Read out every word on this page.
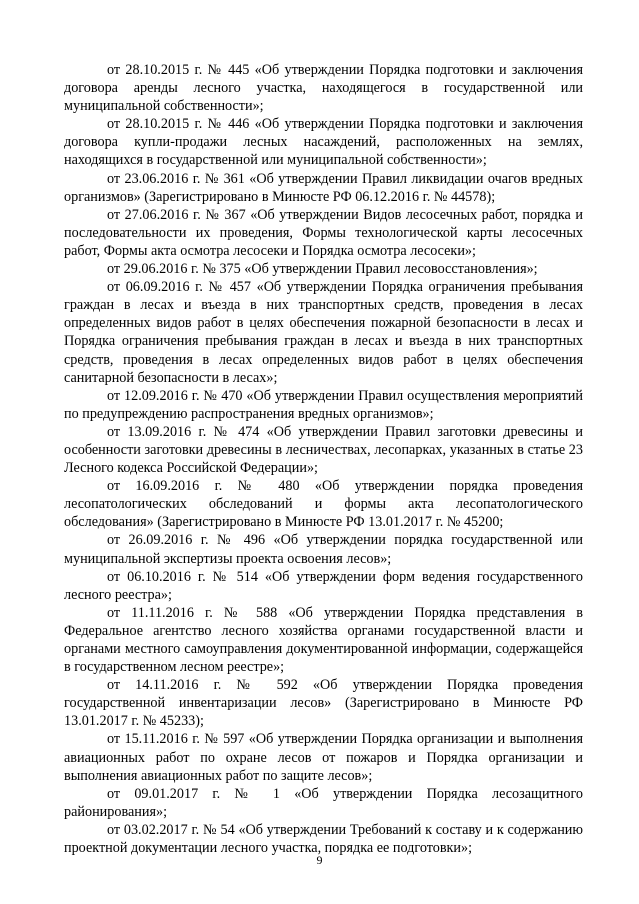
от 28.10.2015 г. № 445 «Об утверждении Порядка подготовки и заключения договора аренды лесного участка, находящегося в государственной или муниципальной собственности»;

от 28.10.2015 г. № 446 «Об утверждении Порядка подготовки и заключения договора купли-продажи лесных насаждений, расположенных на землях, находящихся в государственной или муниципальной собственности»;

от 23.06.2016 г. № 361 «Об утверждении Правил ликвидации очагов вредных организмов» (Зарегистрировано в Минюсте РФ 06.12.2016 г. № 44578);

от 27.06.2016 г. № 367 «Об утверждении Видов лесосечных работ, порядка и последовательности их проведения, Формы технологической карты лесосечных работ, Формы акта осмотра лесосеки и Порядка осмотра лесосеки»;

от 29.06.2016 г. № 375 «Об утверждении Правил лесовосстановления»;

от 06.09.2016 г. № 457 «Об утверждении Порядка ограничения пребывания граждан в лесах и въезда в них транспортных средств, проведения в лесах определенных видов работ в целях обеспечения пожарной безопасности в лесах и Порядка ограничения пребывания граждан в лесах и въезда в них транспортных средств, проведения в лесах определенных видов работ в целях обеспечения санитарной безопасности в лесах»;

от 12.09.2016 г. № 470 «Об утверждении Правил осуществления мероприятий по предупреждению распространения вредных организмов»;

от 13.09.2016 г. № 474 «Об утверждении Правил заготовки древесины и особенности заготовки древесины в лесничествах, лесопарках, указанных в статье 23 Лесного кодекса Российской Федерации»;

от 16.09.2016 г. № 480 «Об утверждении порядка проведения лесопатологических обследований и формы акта лесопатологического обследования» (Зарегистрировано в Минюсте РФ 13.01.2017 г. № 45200;

от 26.09.2016 г. № 496 «Об утверждении порядка государственной или муниципальной экспертизы проекта освоения лесов»;

от 06.10.2016 г. № 514 «Об утверждении форм ведения государственного лесного реестра»;

от 11.11.2016 г. № 588 «Об утверждении Порядка представления в Федеральное агентство лесного хозяйства органами государственной власти и органами местного самоуправления документированной информации, содержащейся в государственном лесном реестре»;

от 14.11.2016 г. № 592 «Об утверждении Порядка проведения государственной инвентаризации лесов» (Зарегистрировано в Минюсте РФ 13.01.2017 г. № 45233);

от 15.11.2016 г. № 597 «Об утверждении Порядка организации и выполнения авиационных работ по охране лесов от пожаров и Порядка организации и выполнения авиационных работ по защите лесов»;

от 09.01.2017 г. № 1 «Об утверждении Порядка лесозащитного районирования»;

от 03.02.2017 г. № 54 «Об утверждении Требований к составу и к содержанию проектной документации лесного участка, порядка ее подготовки»;

9
